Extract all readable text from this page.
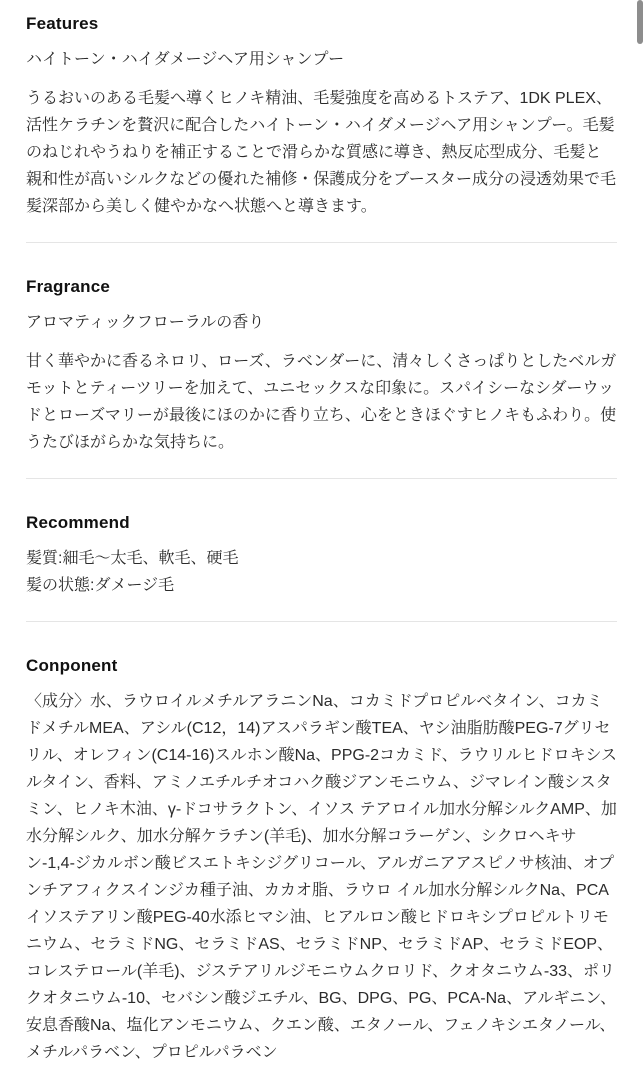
Features

ハイトーン・ハイダメージヘア用シャンプー

うるおいのある毛髪へ導くヒノキ精油、毛髪強度を高めるトステア、1DK PLEX、活性ケラチンを贅沢に配合したハイトーン・ハイダメージヘア用シャンプー。毛髪のねじれやうねりを補正することで滑らかな質感に導き、熱反応型成分、毛髪と親和性が高いシルクなどの優れた補修・保護成分をブースター成分の浸透効果で毛髪深部から美しく健やかなへ状態へと導きます。

Fragrance

アロマティックフローラルの香り

甘く華やかに香るネロリ、ローズ、ラベンダーに、清々しくさっぱりとしたベルガモットとティーツリーを加えて、ユニセックスな印象に。スパイシーなシダーウッドとローズマリーが最後にほのかに香り立ち、心をときほぐすヒノキもふわり。使うたびほがらかな気持ちに。

Recommend

髪質:細毛〜太毛、軟毛、硬毛

髪の状態:ダメージ毛

Conponent

〈成分〉水、ラウロイルメチルアラニンNa、コカミドプロピルベタイン、コカミドメチルMEA、アシル(C12，14)アスパラギン酸TEA、ヤシ油脂肪酸PEG-7グリセリル、オレフィン(C14-16)スルホン酸Na、PPG-2コカミド、ラウリルヒドロキシスルタイン、香料、アミノエチルチオコハク酸ジアンモニウム、ジマレイン酸シスタミン、ヒノキ木油、γ-ドコサラクトン、イソス テアロイル加水分解シルクAMP、加水分解シルク、加水分解ケラチン(羊毛)、加水分解コラーゲン、シクロヘキサン-1,4-ジカルボン酸ビスエトキシジグリコール、アルガニアアスピノサ核油、オプンチアフィクスインジカ種子油、カカオ脂、ラウロ イル加水分解シルクNa、PCAイソステアリン酸PEG-40水添ヒマシ油、ヒアルロン酸ヒドロキシプロピルトリモニウム、セラミドNG、セラミドAS、セラミドNP、セラミドAP、セラミドEOP、コレステロール(羊毛)、ジステアリルジモニウムクロリド、クオタニウム-33、ポリクオタニウム-10、セバシン酸ジエチル、BG、DPG、PG、PCA-Na、アルギニン、安息香酸Na、塩化アンモニウム、クエン酸、エタノール、フェノキシエタノール、メチルパラベン、プロピルパラベン
